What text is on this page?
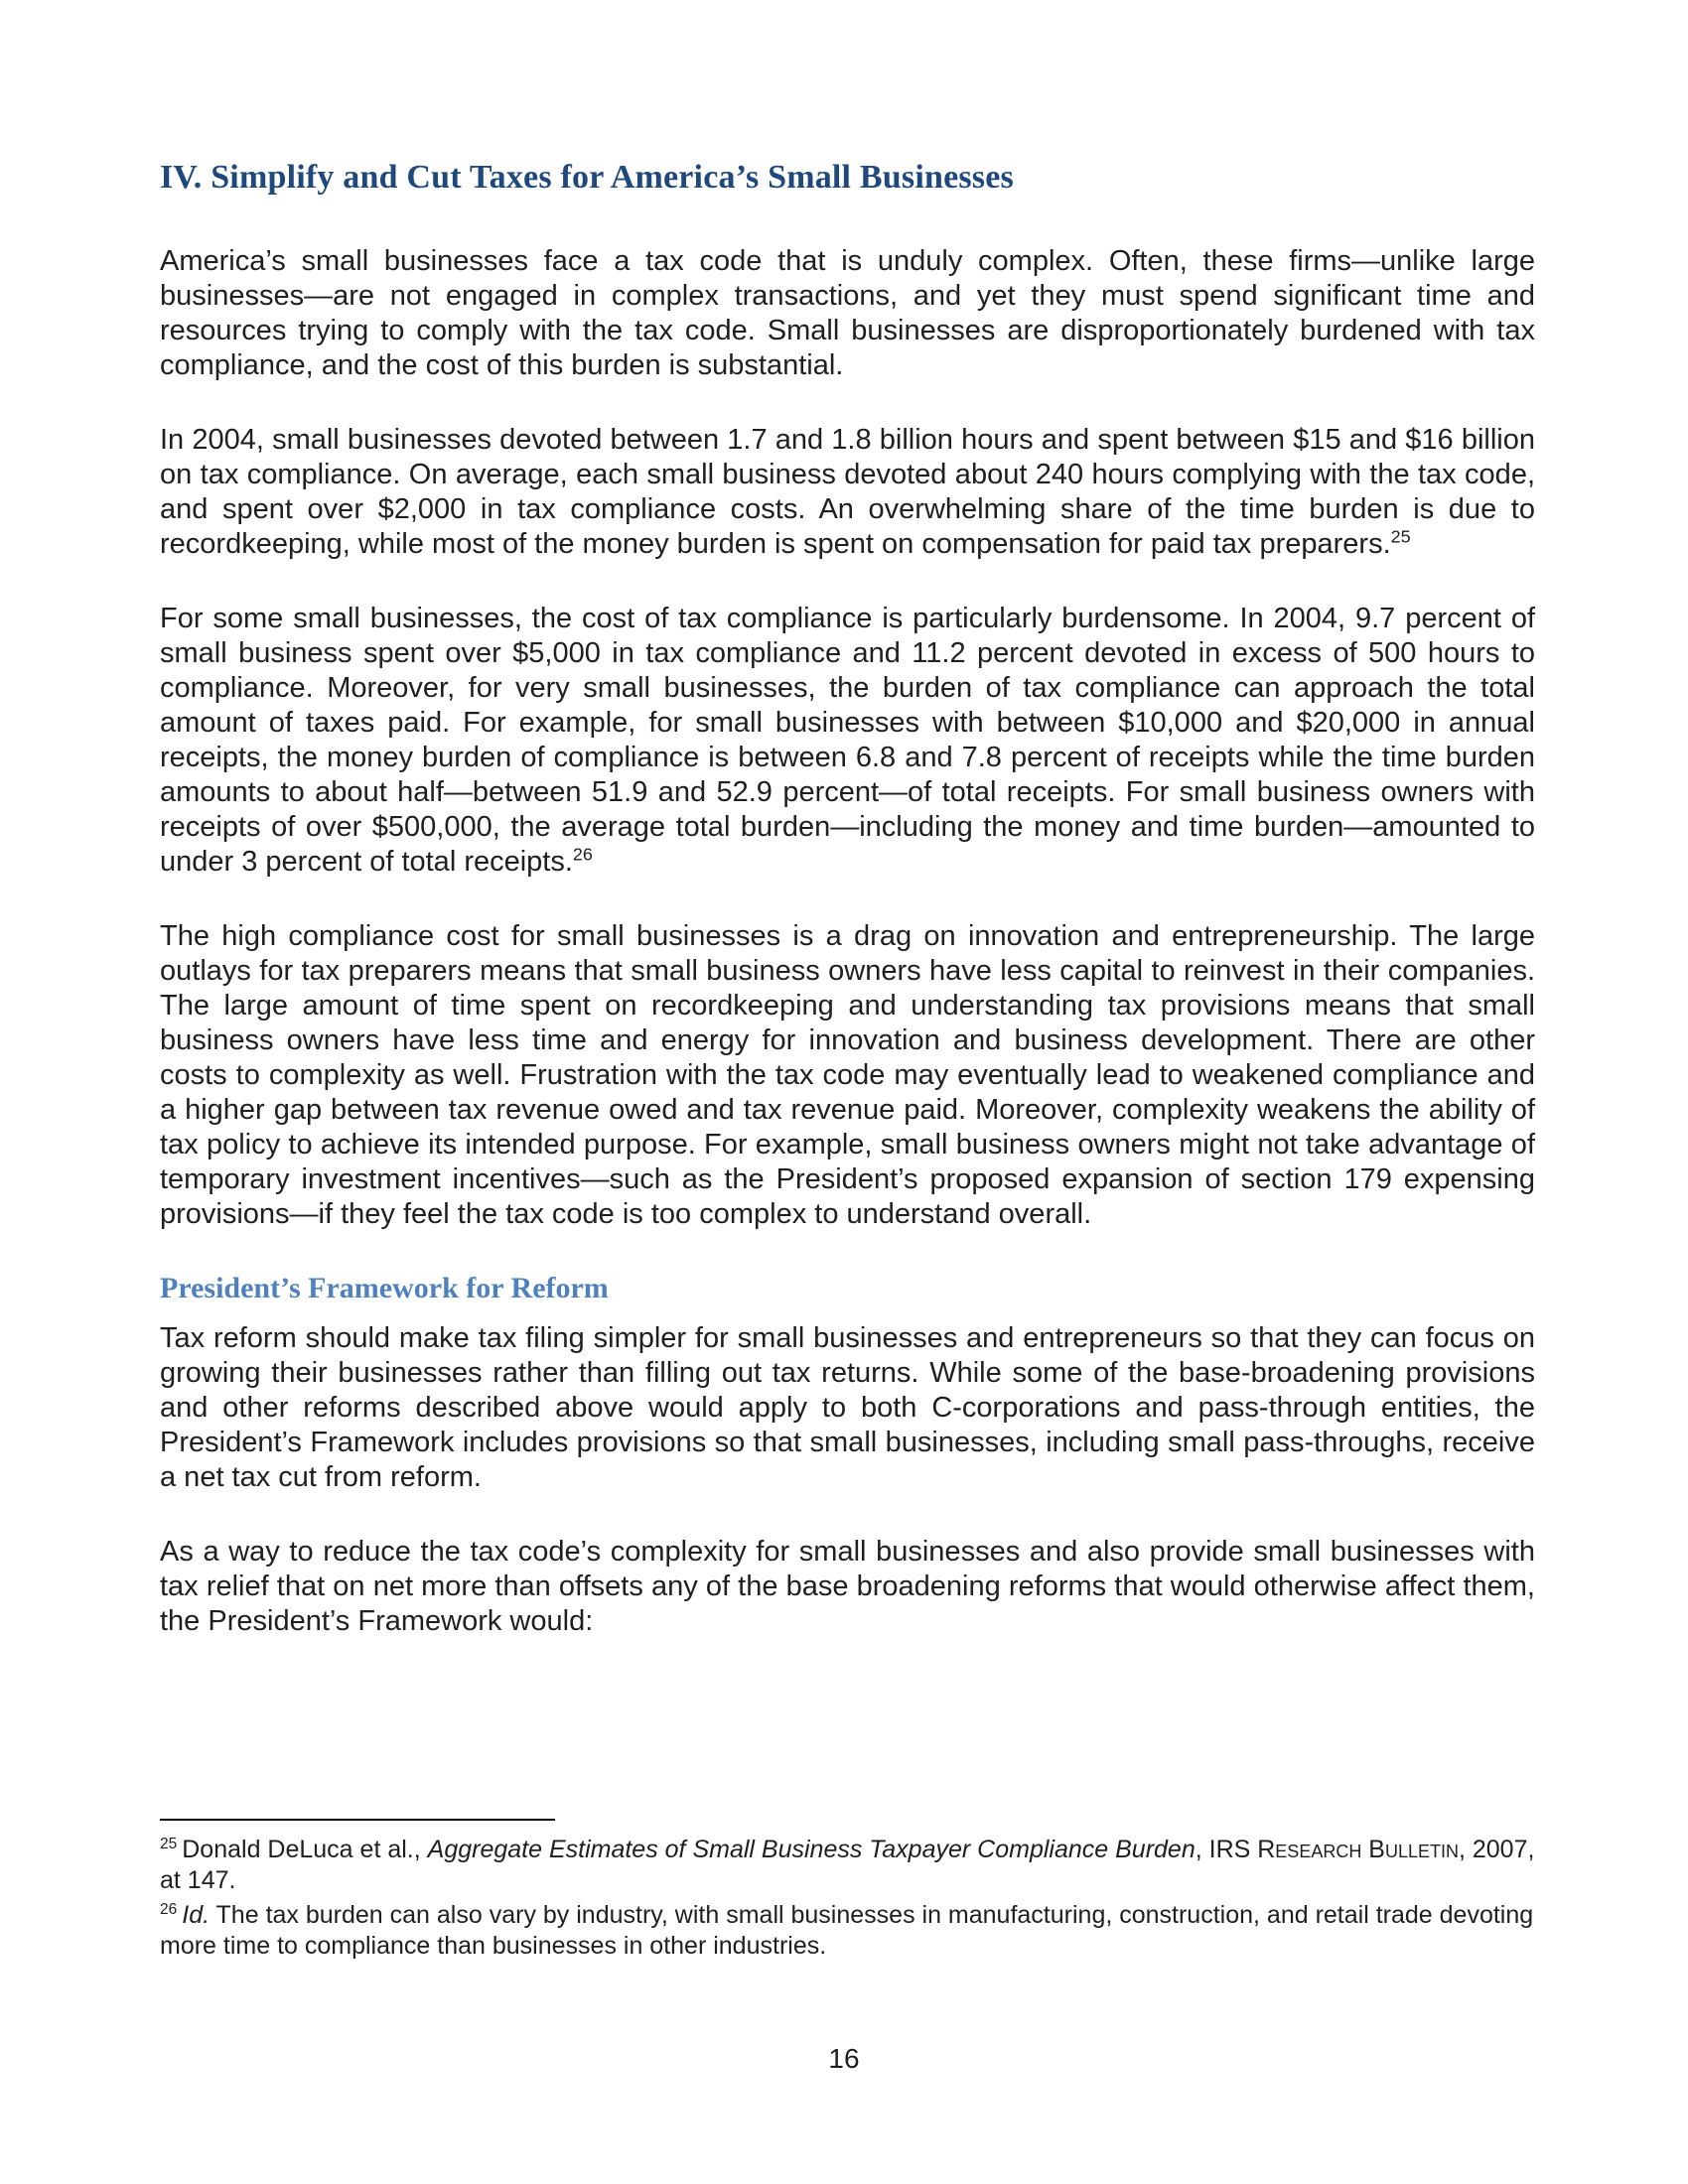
IV. Simplify and Cut Taxes for America’s Small Businesses

America’s small businesses face a tax code that is unduly complex. Often, these firms—unlike large businesses—are not engaged in complex transactions, and yet they must spend significant time and resources trying to comply with the tax code. Small businesses are disproportionately burdened with tax compliance, and the cost of this burden is substantial.

In 2004, small businesses devoted between 1.7 and 1.8 billion hours and spent between $15 and $16 billion on tax compliance. On average, each small business devoted about 240 hours complying with the tax code, and spent over $2,000 in tax compliance costs. An overwhelming share of the time burden is due to recordkeeping, while most of the money burden is spent on compensation for paid tax preparers.$^{25}$

For some small businesses, the cost of tax compliance is particularly burdensome. In 2004, 9.7 percent of small business spent over $5,000 in tax compliance and 11.2 percent devoted in excess of 500 hours to compliance. Moreover, for very small businesses, the burden of tax compliance can approach the total amount of taxes paid. For example, for small businesses with between $10,000 and $20,000 in annual receipts, the money burden of compliance is between 6.8 and 7.8 percent of receipts while the time burden amounts to about half—between 51.9 and 52.9 percent—of total receipts. For small business owners with receipts of over $500,000, the average total burden—including the money and time burden—amounted to under 3 percent of total receipts.$^{26}$

The high compliance cost for small businesses is a drag on innovation and entrepreneurship. The large outlays for tax preparers means that small business owners have less capital to reinvest in their companies. The large amount of time spent on recordkeeping and understanding tax provisions means that small business owners have less time and energy for innovation and business development. There are other costs to complexity as well. Frustration with the tax code may eventually lead to weakened compliance and a higher gap between tax revenue owed and tax revenue paid. Moreover, complexity weakens the ability of tax policy to achieve its intended purpose. For example, small business owners might not take advantage of temporary investment incentives—such as the President’s proposed expansion of section 179 expensing provisions—if they feel the tax code is too complex to understand overall.

President’s Framework for Reform

Tax reform should make tax filing simpler for small businesses and entrepreneurs so that they can focus on growing their businesses rather than filling out tax returns. While some of the base-broadening provisions and other reforms described above would apply to both C-corporations and pass-through entities, the President’s Framework includes provisions so that small businesses, including small pass-throughs, receive a net tax cut from reform.

As a way to reduce the tax code’s complexity for small businesses and also provide small businesses with tax relief that on net more than offsets any of the base broadening reforms that would otherwise affect them, the President’s Framework would:

$^{25}$ Donald DeLuca et al., Aggregate Estimates of Small Business Taxpayer Compliance Burden, IRS Research Bulletin, 2007, at 147.

$^{26}$ Id. The tax burden can also vary by industry, with small businesses in manufacturing, construction, and retail trade devoting more time to compliance than businesses in other industries.

16
